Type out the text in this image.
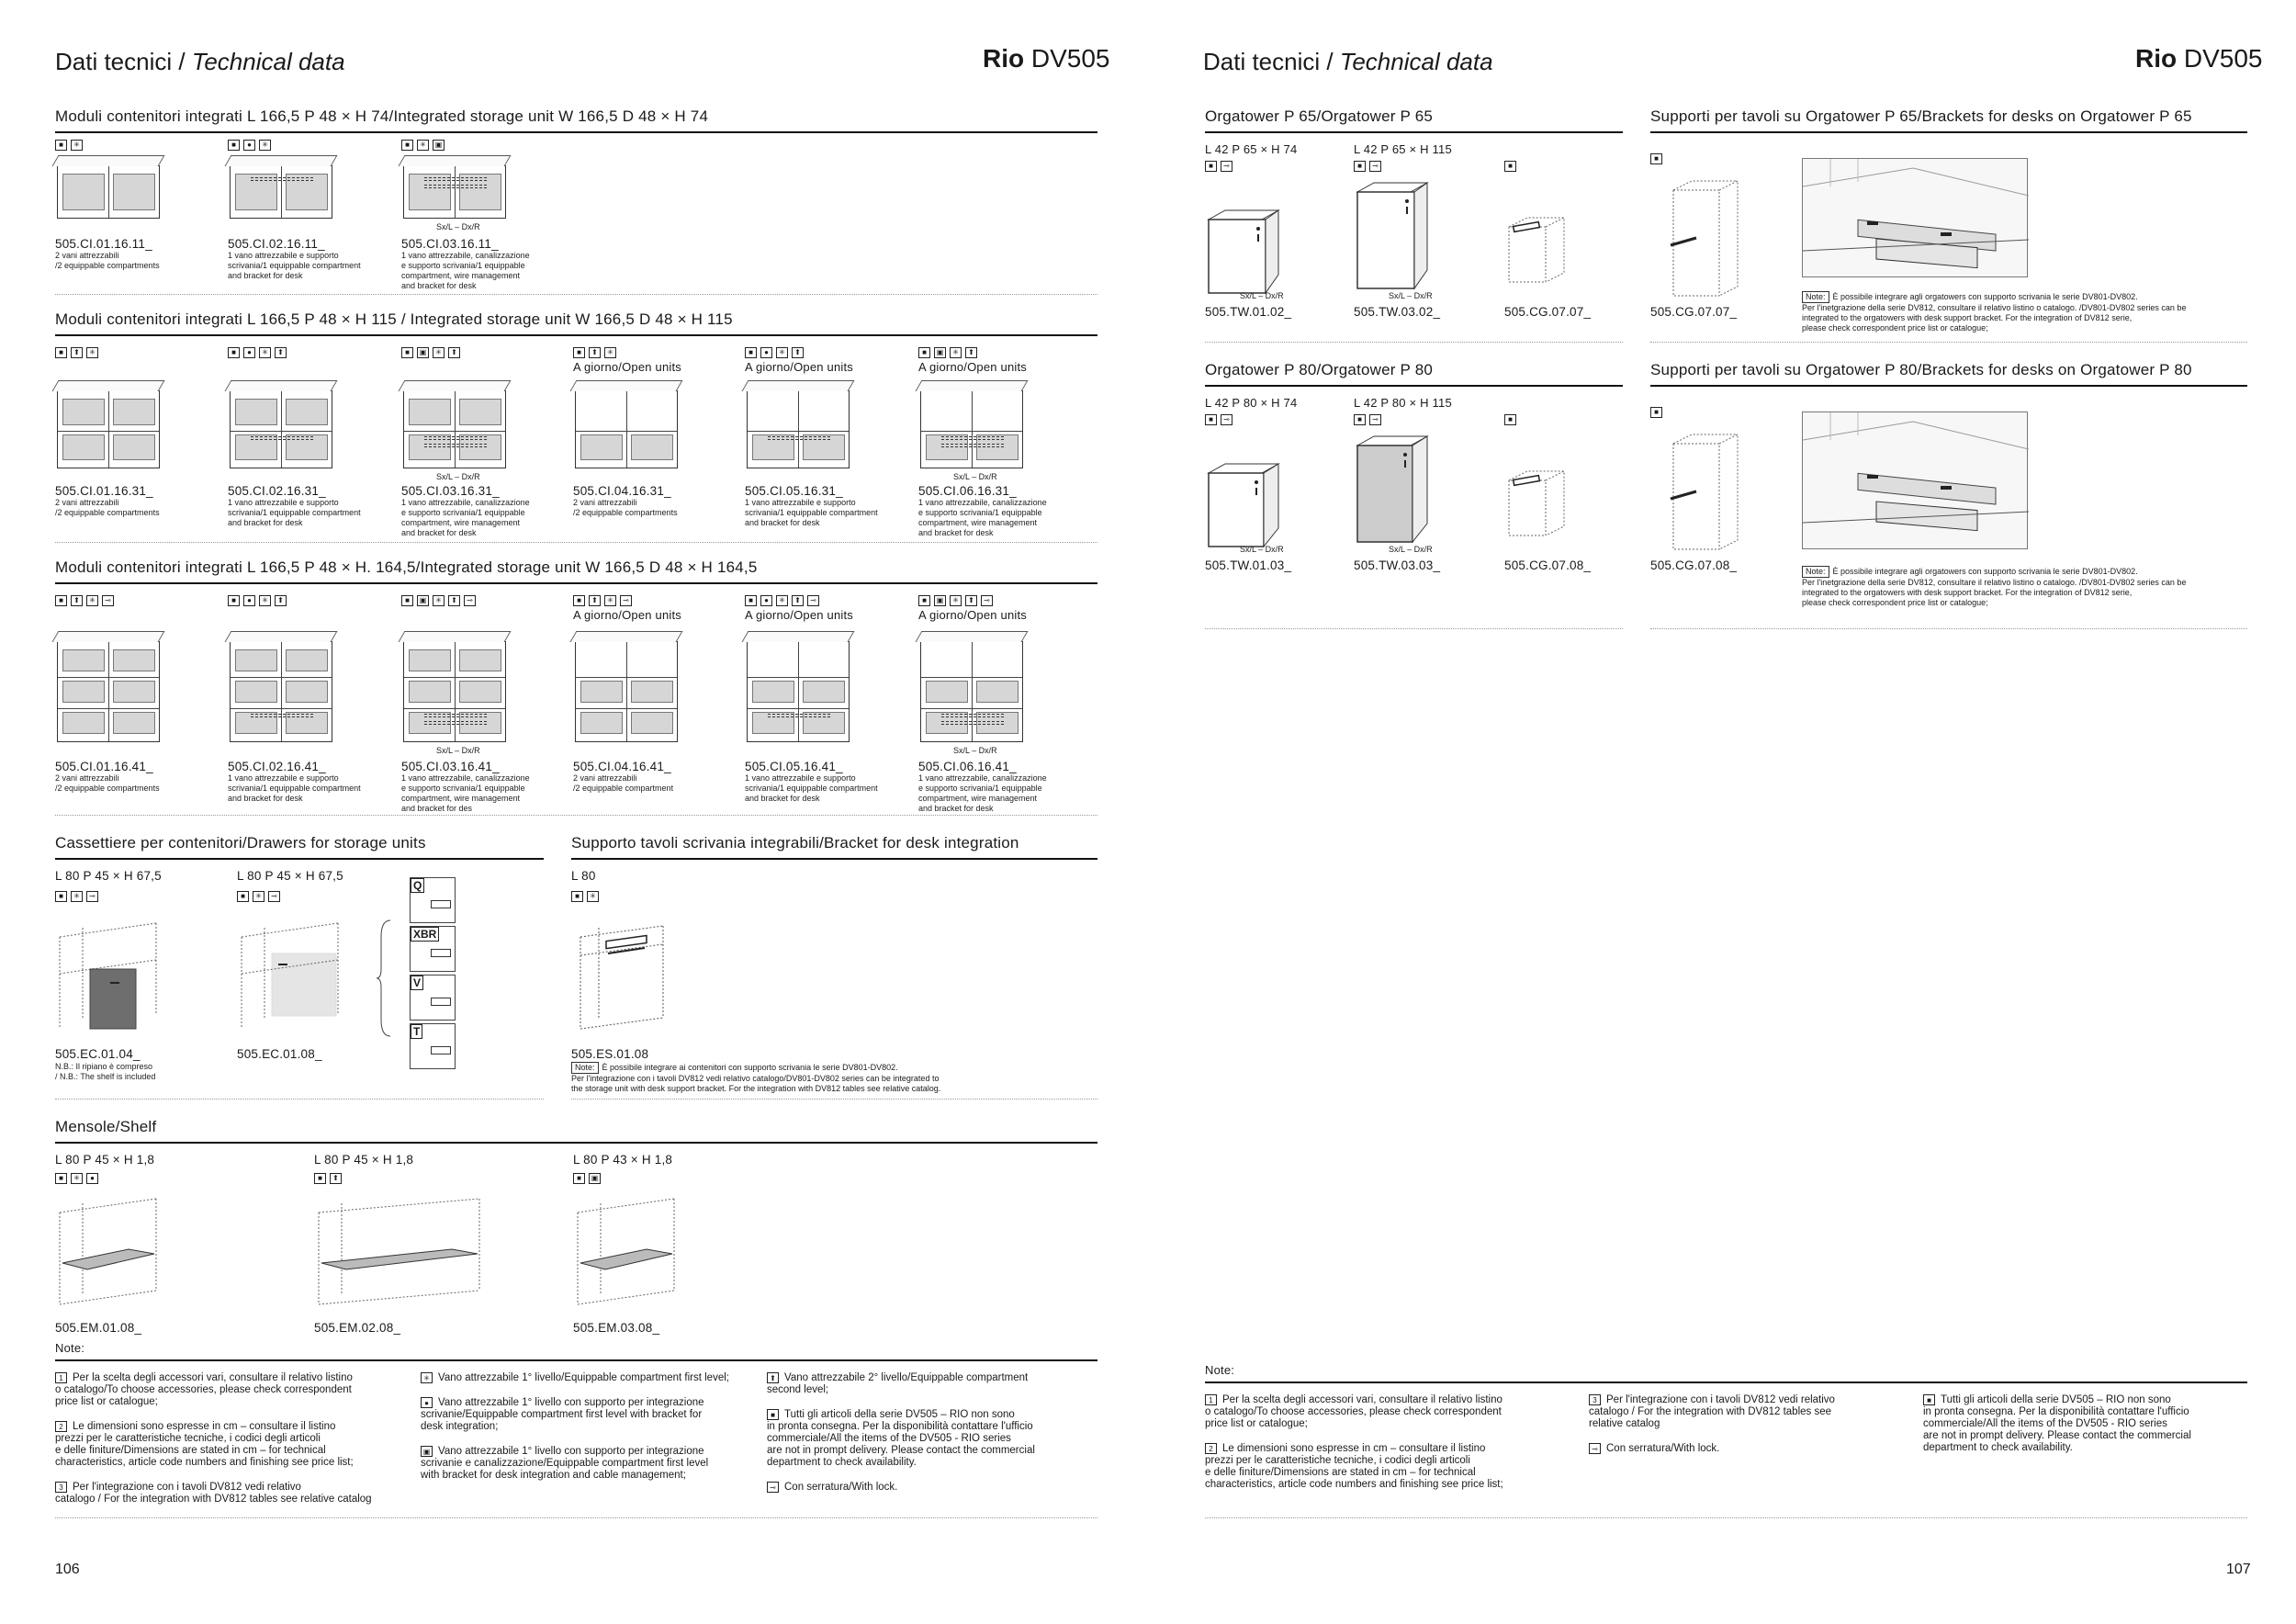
Dati tecnici / Technical data	Rio DV505
Moduli contenitori integrati L 166,5 P 48 × H 74/Integrated storage unit W 166,5 D 48 × H 74
■	✳
505.CI.01.16.11_
2 vani attrezzabili
/2 equippable compartments
■	●	✳
505.CI.02.16.11_
1 vano attrezzabile e supporto
scrivania/1 equippable compartment
and bracket for desk
■	✳	▣
Sx/L – Dx/R
505.CI.03.16.11_
1 vano attrezzabile, canalizzazione
e supporto scrivania/1 equippable
compartment, wire management
and bracket for desk
Moduli contenitori integrati L 166,5 P 48 × H 115 / Integrated storage unit W 166,5 D 48 × H 115
■	⬆	✳
505.CI.01.16.31_
2 vani attrezzabili
/2 equippable compartments
■	●	✳	⬆
505.CI.02.16.31_
1 vano attrezzabile e supporto
scrivania/1 equippable compartment
and bracket for desk
■	▣	✳	⬆
Sx/L – Dx/R
505.CI.03.16.31_
1 vano attrezzabile, canalizzazione
e supporto scrivania/1 equippable
compartment, wire management
and bracket for desk
A giorno/Open units
■	⬆	✳
505.CI.04.16.31_
2 vani attrezzabili
/2 equippable compartments
A giorno/Open units
■	●	✳	⬆
505.CI.05.16.31_
1 vano attrezzabile e supporto
scrivania/1 equippable compartment
and bracket for desk
A giorno/Open units
■	▣	✳	⬆
Sx/L – Dx/R
505.CI.06.16.31_
1 vano attrezzabile, canalizzazione
e supporto scrivania/1 equippable
compartment, wire management
and bracket for desk
Moduli contenitori integrati L 166,5 P 48 × H. 164,5/Integrated storage unit W 166,5 D 48 × H 164,5
■	⬆	✳	⊸
505.CI.01.16.41_
2 vani attrezzabili
/2 equippable compartments
■	●	✳	⬆
505.CI.02.16.41_
1 vano attrezzabile e supporto
scrivania/1 equippable compartment
and bracket for desk
■	▣	✳	⬆	⊸
Sx/L – Dx/R
505.CI.03.16.41_
1 vano attrezzabile, canalizzazione
e supporto scrivania/1 equippable
compartment, wire management
and bracket for des
A giorno/Open units
■	⬆	✳	⊸
505.CI.04.16.41_
2 vani attrezzabili
/2 equippable compartment
A giorno/Open units
■	●	✳	⬆	⊸
505.CI.05.16.41_
1 vano attrezzabile e supporto
scrivania/1 equippable compartment
and bracket for desk
A giorno/Open units
■	▣	✳	⬆	⊸
Sx/L – Dx/R
505.CI.06.16.41_
1 vano attrezzabile, canalizzazione
e supporto scrivania/1 equippable
compartment, wire management
and bracket for desk
Cassettiere per contenitori/Drawers for storage units
L 80 P 45 × H 67,5
■	✳	⊸
505.EC.01.04_
N.B.: Il ripiano è compreso
/ N.B.: The shelf is included
L 80 P 45 × H 67,5
■	✳	⊸
505.EC.01.08_
Q
XBR
V
T
Supporto tavoli scrivania integrabili/Bracket for desk integration
L 80
505.ES.01.08
Note: È possibile integrare ai contenitori con supporto scrivania le serie DV801-DV802.
Per l'integrazione con i tavoli DV812 vedi relativo catalogo/DV801-DV802 series can be integrated to
the storage unit with desk support bracket. For the integration with DV812 tables see relative catalog.
Mensole/Shelf
L 80 P 45 × H 1,8
■	✳	●
505.EM.01.08_
L 80 P 45 × H 1,8
■	⬆
505.EM.02.08_
L 80 P 43 × H 1,8
■	▣
505.EM.03.08_
Note:
1 Per la scelta degli accessori vari, consultare il relativo listino
o catalogo/To choose accessories, please check correspondent
price list or catalogue;
2 Le dimensioni sono espresse in cm – consultare il listino
prezzi per le caratteristiche tecniche, i codici degli articoli
e delle finiture/Dimensions are stated in cm – for technical
characteristics, article code numbers and finishing see price list;
3 Per l'integrazione con i tavoli DV812 vedi relativo
catalogo / For the integration with DV812 tables see relative catalog
✳ Vano attrezzabile 1° livello/Equippable compartment first level;
● Vano attrezzabile 1° livello con supporto per integrazione
scrivanie/Equippable compartment first level with bracket for
desk integration;
▣ Vano attrezzabile 1° livello con supporto per integrazione
scrivanie e canalizzazione/Equippable compartment first level
with bracket for desk integration and cable management;
⬆ Vano attrezzabile 2° livello/Equippable compartment
second level;
■ Tutti gli articoli della serie DV505 – RIO non sono
in pronta consegna. Per la disponibilità contattare l'ufficio
commerciale/All the items of the DV505 - RIO series
are not in prompt delivery. Please contact the commercial
department to check availability.
⊸ Con serratura/With lock.
106
Dati tecnici / Technical data	Rio DV505
Orgatower P 65/Orgatower P 65	Supporti per tavoli su Orgatower P 65/Brackets for desks on Orgatower P 65
L 42 P 65 × H 74
■	⊸
Sx/L – Dx/R
505.TW.01.02_
L 42 P 65 × H 115
■	⊸
Sx/L – Dx/R
505.TW.03.02_
■
505.CG.07.07_
■
505.CG.07.07_
Note: È possibile integrare agli orgatowers con supporto scrivania le serie DV801-DV802.
Per l'inetgrazione della serie DV812, consultare il relativo listino o catalogo. /DV801-DV802 series can be
integrated to the orgatowers with desk support bracket. For the integration of DV812 serie,
please check correspondent price list or catalogue;
Orgatower P 80/Orgatower P 80	Supporti per tavoli su Orgatower P 80/Brackets for desks on Orgatower P 80
L 42 P 80 × H 74
■	⊸
Sx/L – Dx/R
505.TW.01.03_
L 42 P 80 × H 115
■	⊸
Sx/L – Dx/R
505.TW.03.03_
■
505.CG.07.08_
■
505.CG.07.08_	Note: È possibile integrare agli orgatowers con supporto scrivania le serie DV801-DV802.
Per l'inetgrazione della serie DV812, consultare il relativo listino o catalogo. /DV801-DV802 series can be
integrated to the orgatowers with desk support bracket. For the integration of DV812 serie,
please check correspondent price list or catalogue;
Note:
1 Per la scelta degli accessori vari, consultare il relativo listino
o catalogo/To choose accessories, please check correspondent
price list or catalogue;
2 Le dimensioni sono espresse in cm – consultare il listino
prezzi per le caratteristiche tecniche, i codici degli articoli
e delle finiture/Dimensions are stated in cm – for technical
characteristics, article code numbers and finishing see price list;
3 Per l'integrazione con i tavoli DV812 vedi relativo
catalogo / For the integration with DV812 tables see
relative catalog
⊸ Con serratura/With lock.
■ Tutti gli articoli della serie DV505 – RIO non sono
in pronta consegna. Per la disponibilità contattare l'ufficio
commerciale/All the items of the DV505 - RIO series
are not in prompt delivery. Please contact the commercial
department to check availability.
107
■	✳
